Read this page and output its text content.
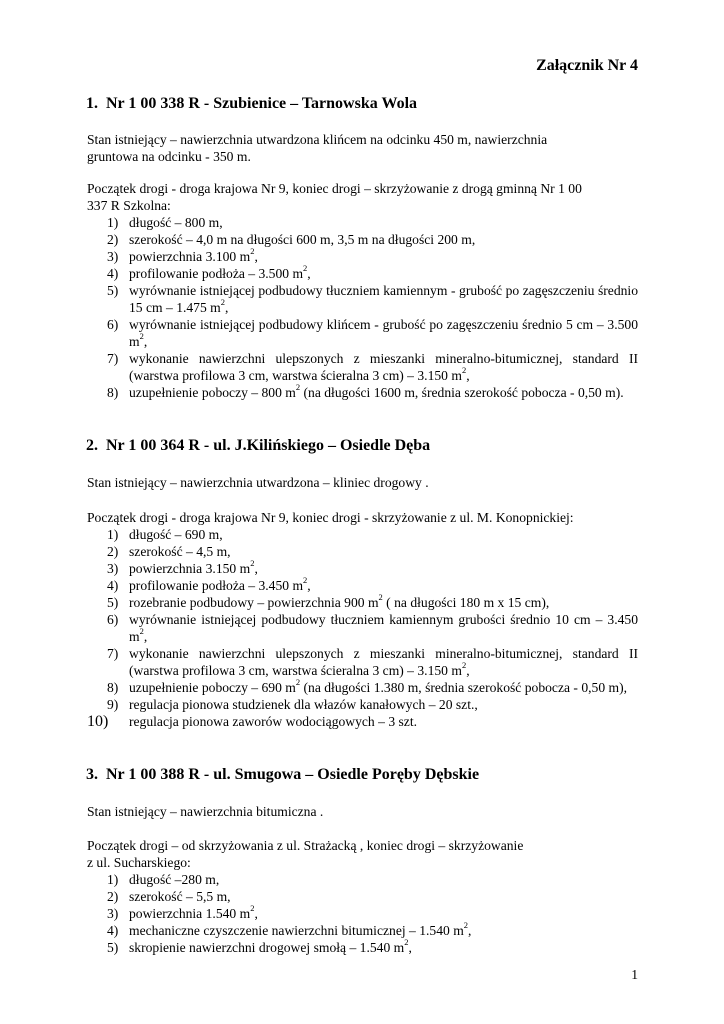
Załącznik Nr 4
1. Nr 1 00 338 R - Szubienice – Tarnowska Wola
Stan istniejący – nawierzchnia utwardzona klińcem na odcinku 450 m, nawierzchnia
gruntowa na odcinku - 350 m.
Początek drogi - droga krajowa Nr 9, koniec drogi – skrzyżowanie z drogą gminną Nr 1 00
337 R Szkolna:
1) długość – 800 m,
2) szerokość – 4,0 m na długości 600 m, 3,5 m na długości 200 m,
3) powierzchnia 3.100 $m^2$,
4) profilowanie podłoża – 3.500 $m^2$,
5) wyrównanie istniejącej podbudowy tłuczniem kamiennym - grubość po zagęszczeniu średnio 15 cm – 1.475 $m^2$,
6) wyrównanie istniejącej podbudowy klińcem - grubość po zagęszczeniu średnio 5 cm – 3.500 $m^2$,
7) wykonanie nawierzchni ulepszonych z mieszanki mineralno-bitumicznej, standard II (warstwa profilowa 3 cm, warstwa ścieralna 3 cm) – 3.150 $m^2$,
8) uzupełnienie poboczy – 800 $m^2$ (na długości 1600 m, średnia szerokość pobocza - 0,50 m).
2. Nr 1 00 364 R - ul. J.Kilińskiego – Osiedle Dęba
Stan istniejący – nawierzchnia utwardzona – kliniec drogowy .
Początek drogi - droga krajowa Nr 9, koniec drogi - skrzyżowanie z ul. M. Konopnickiej:
1) długość – 690 m,
2) szerokość – 4,5 m,
3) powierzchnia 3.150 $m^2$,
4) profilowanie podłoża – 3.450 $m^2$,
5) rozebranie podbudowy – powierzchnia 900 $m^2$ ( na długości 180 m x 15 cm),
6) wyrównanie istniejącej podbudowy tłuczniem kamiennym grubości średnio 10 cm – 3.450 $m^2$,
7) wykonanie nawierzchni ulepszonych z mieszanki mineralno-bitumicznej, standard II (warstwa profilowa 3 cm, warstwa ścieralna 3 cm) – 3.150 $m^2$,
8) uzupełnienie poboczy – 690 $m^2$ (na długości 1.380 m, średnia szerokość pobocza - 0,50 m),
9) regulacja pionowa studzienek dla włazów kanałowych – 20 szt.,
10) regulacja pionowa zaworów wodociągowych – 3 szt.
3. Nr 1 00 388 R - ul. Smugowa – Osiedle Poręby Dębskie
Stan istniejący – nawierzchnia bitumiczna .
Początek drogi – od skrzyżowania z ul. Strażacką , koniec drogi – skrzyżowanie
z ul. Sucharskiego:
1) długość –280 m,
2) szerokość – 5,5 m,
3) powierzchnia 1.540 $m^2$,
4) mechaniczne czyszczenie nawierzchni bitumicznej – 1.540 $m^2$,
5) skropienie nawierzchni drogowej smołą – 1.540 $m^2$,
1
